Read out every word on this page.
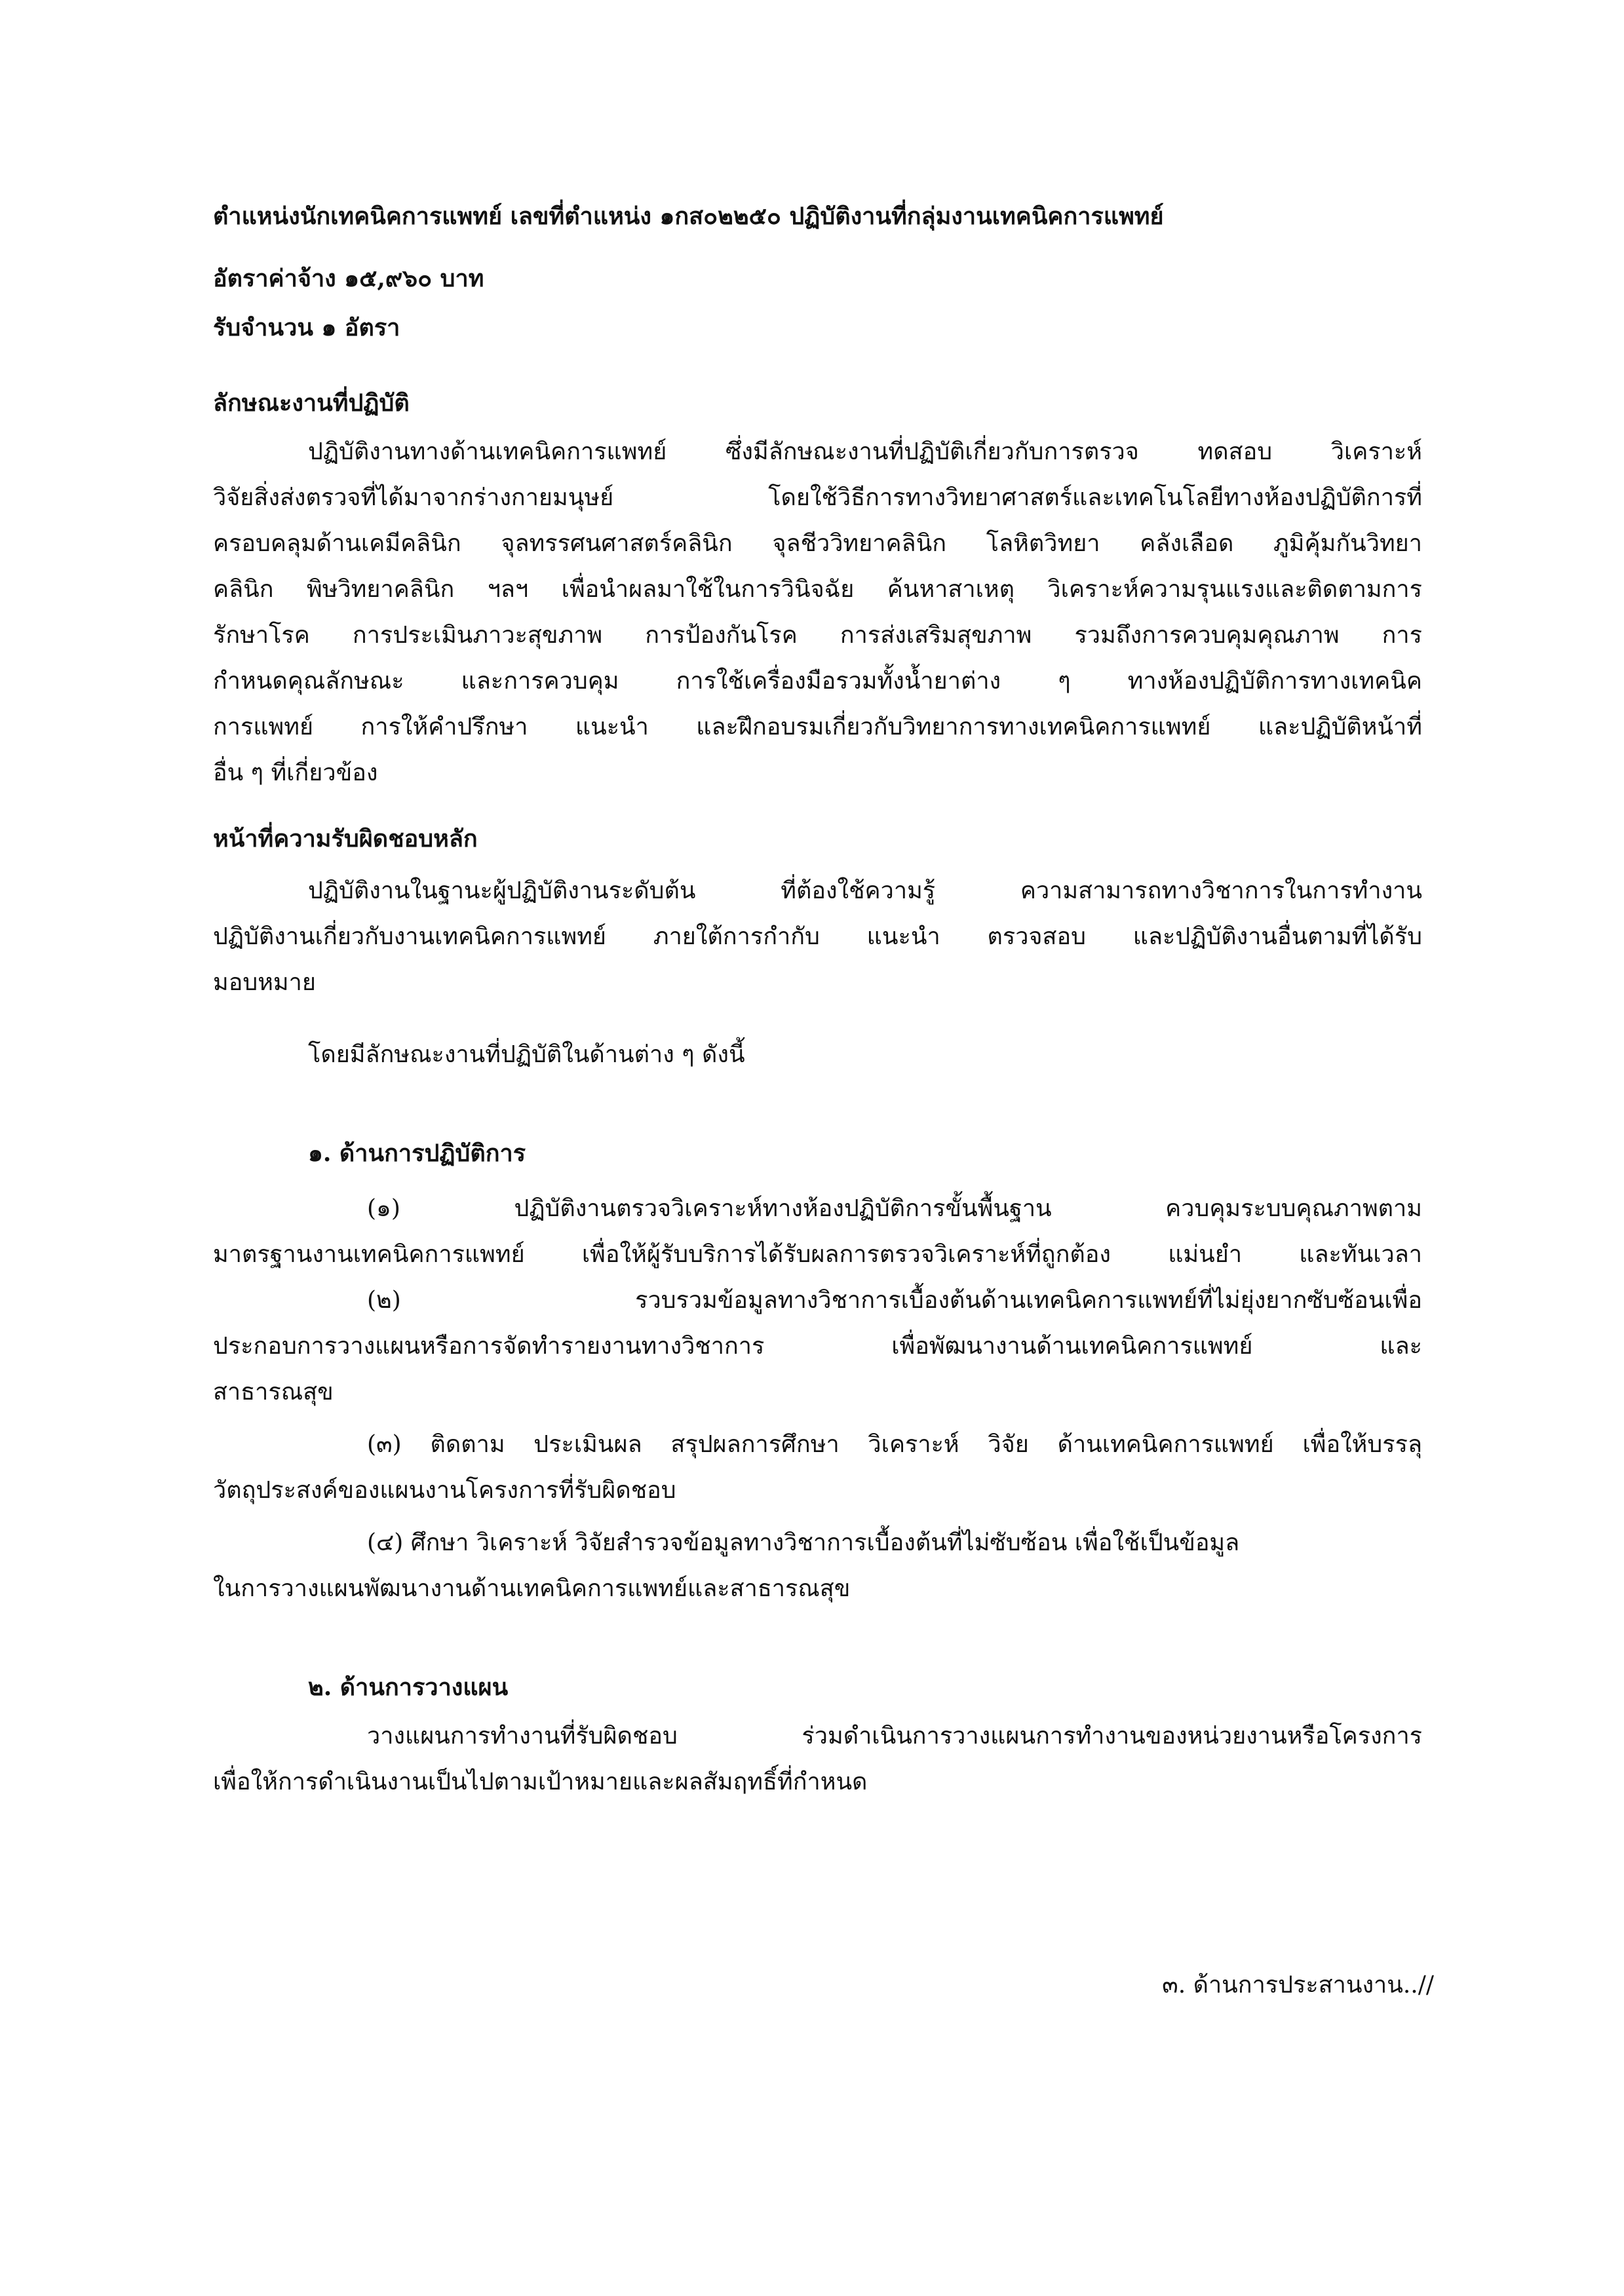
ตำแหน่งนักเทคนิคการแพทย์ เลขที่ตำแหน่ง ๑กส๐๒๒๕๐ ปฏิบัติงานที่กลุ่มงานเทคนิคการแพทย์
อัตราค่าจ้าง ๑๕,๙๖๐ บาท
รับจำนวน ๑ อัตรา
ลักษณะงานที่ปฏิบัติ
ปฏิบัติงานทางด้านเทคนิคการแพทย์ ซึ่งมีลักษณะงานที่ปฏิบัติเกี่ยวกับการตรวจ ทดสอบ วิเคราะห์
วิจัยสิ่งส่งตรวจที่ได้มาจากร่างกายมนุษย์ โดยใช้วิธีการทางวิทยาศาสตร์และเทคโนโลยีทางห้องปฏิบัติการที่
ครอบคลุมด้านเคมีคลินิก จุลทรรศนศาสตร์คลินิก จุลชีววิทยาคลินิก โลหิตวิทยา คลังเลือด ภูมิคุ้มกันวิทยา
คลินิก พิษวิทยาคลินิก ฯลฯ เพื่อนำผลมาใช้ในการวินิจฉัย ค้นหาสาเหตุ วิเคราะห์ความรุนแรงและติดตามการ
รักษาโรค การประเมินภาวะสุขภาพ การป้องกันโรค การส่งเสริมสุขภาพ รวมถึงการควบคุมคุณภาพ การ
กำหนดคุณลักษณะ และการควบคุม การใช้เครื่องมือรวมทั้งน้ำยาต่าง ๆ ทางห้องปฏิบัติการทางเทคนิค
การแพทย์ การให้คำปรึกษา แนะนำ และฝึกอบรมเกี่ยวกับวิทยาการทางเทคนิคการแพทย์ และปฏิบัติหน้าที่
อื่น ๆ ที่เกี่ยวข้อง
หน้าที่ความรับผิดชอบหลัก
ปฏิบัติงานในฐานะผู้ปฏิบัติงานระดับต้น ที่ต้องใช้ความรู้ ความสามารถทางวิชาการในการทำงาน
ปฏิบัติงานเกี่ยวกับงานเทคนิคการแพทย์ ภายใต้การกำกับ แนะนำ ตรวจสอบ และปฏิบัติงานอื่นตามที่ได้รับ
มอบหมาย
โดยมีลักษณะงานที่ปฏิบัติในด้านต่าง ๆ ดังนี้
๑. ด้านการปฏิบัติการ
(๑) ปฏิบัติงานตรวจวิเคราะห์ทางห้องปฏิบัติการขั้นพื้นฐาน ควบคุมระบบคุณภาพตาม
มาตรฐานงานเทคนิคการแพทย์ เพื่อให้ผู้รับบริการได้รับผลการตรวจวิเคราะห์ที่ถูกต้อง แม่นยำ และทันเวลา
(๒) รวบรวมข้อมูลทางวิชาการเบื้องต้นด้านเทคนิคการแพทย์ที่ไม่ยุ่งยากซับซ้อนเพื่อ
ประกอบการวางแผนหรือการจัดทำรายงานทางวิชาการ เพื่อพัฒนางานด้านเทคนิคการแพทย์ และ
สาธารณสุข
(๓) ติดตาม ประเมินผล สรุปผลการศึกษา วิเคราะห์ วิจัย ด้านเทคนิคการแพทย์ เพื่อให้บรรลุ
วัตถุประสงค์ของแผนงานโครงการที่รับผิดชอบ
(๔) ศึกษา วิเคราะห์ วิจัยสำรวจข้อมูลทางวิชาการเบื้องต้นที่ไม่ซับซ้อน เพื่อใช้เป็นข้อมูล
ในการวางแผนพัฒนางานด้านเทคนิคการแพทย์และสาธารณสุข
๒. ด้านการวางแผน
วางแผนการทำงานที่รับผิดชอบ ร่วมดำเนินการวางแผนการทำงานของหน่วยงานหรือโครงการ
เพื่อให้การดำเนินงานเป็นไปตามเป้าหมายและผลสัมฤทธิ์ที่กำหนด
๓. ด้านการประสานงาน..//
